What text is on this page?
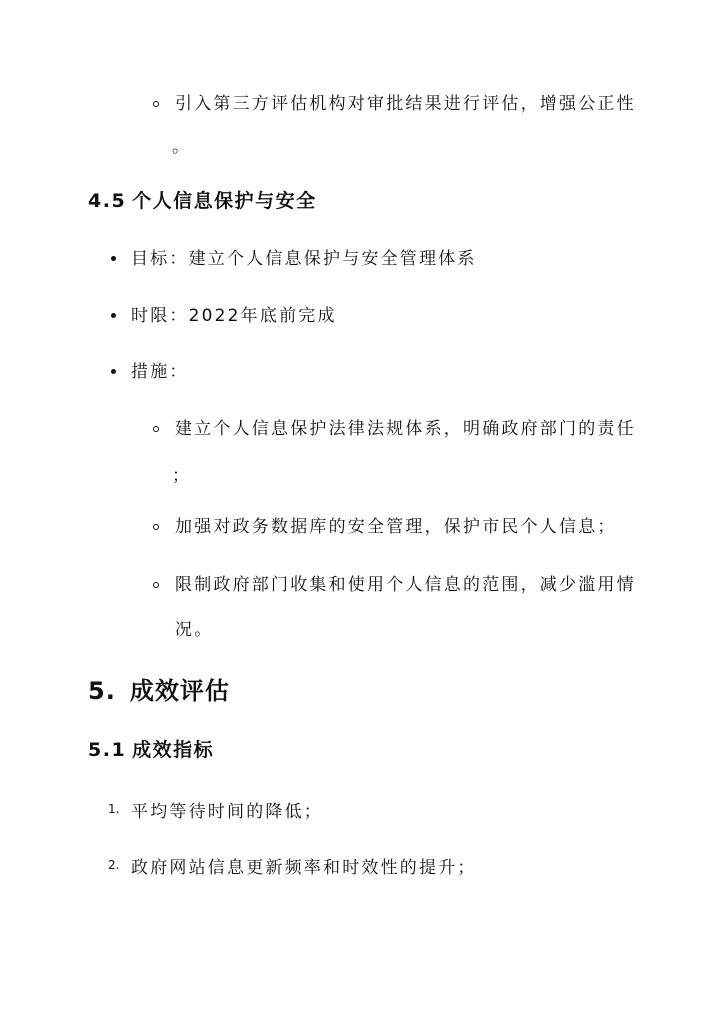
引入第三方评估机构对审批结果进行评估，增强公正性
。
4.5 个人信息保护与安全
目标：建立个人信息保护与安全管理体系
时限：2022年底前完成
措施：
建立个人信息保护法律法规体系，明确政府部门的责任
；
加强对政务数据库的安全管理，保护市民个人信息；
限制政府部门收集和使用个人信息的范围，减少滥用情
况。
5. 成效评估
5.1 成效指标
1. 平均等待时间的降低；
2. 政府网站信息更新频率和时效性的提升；
